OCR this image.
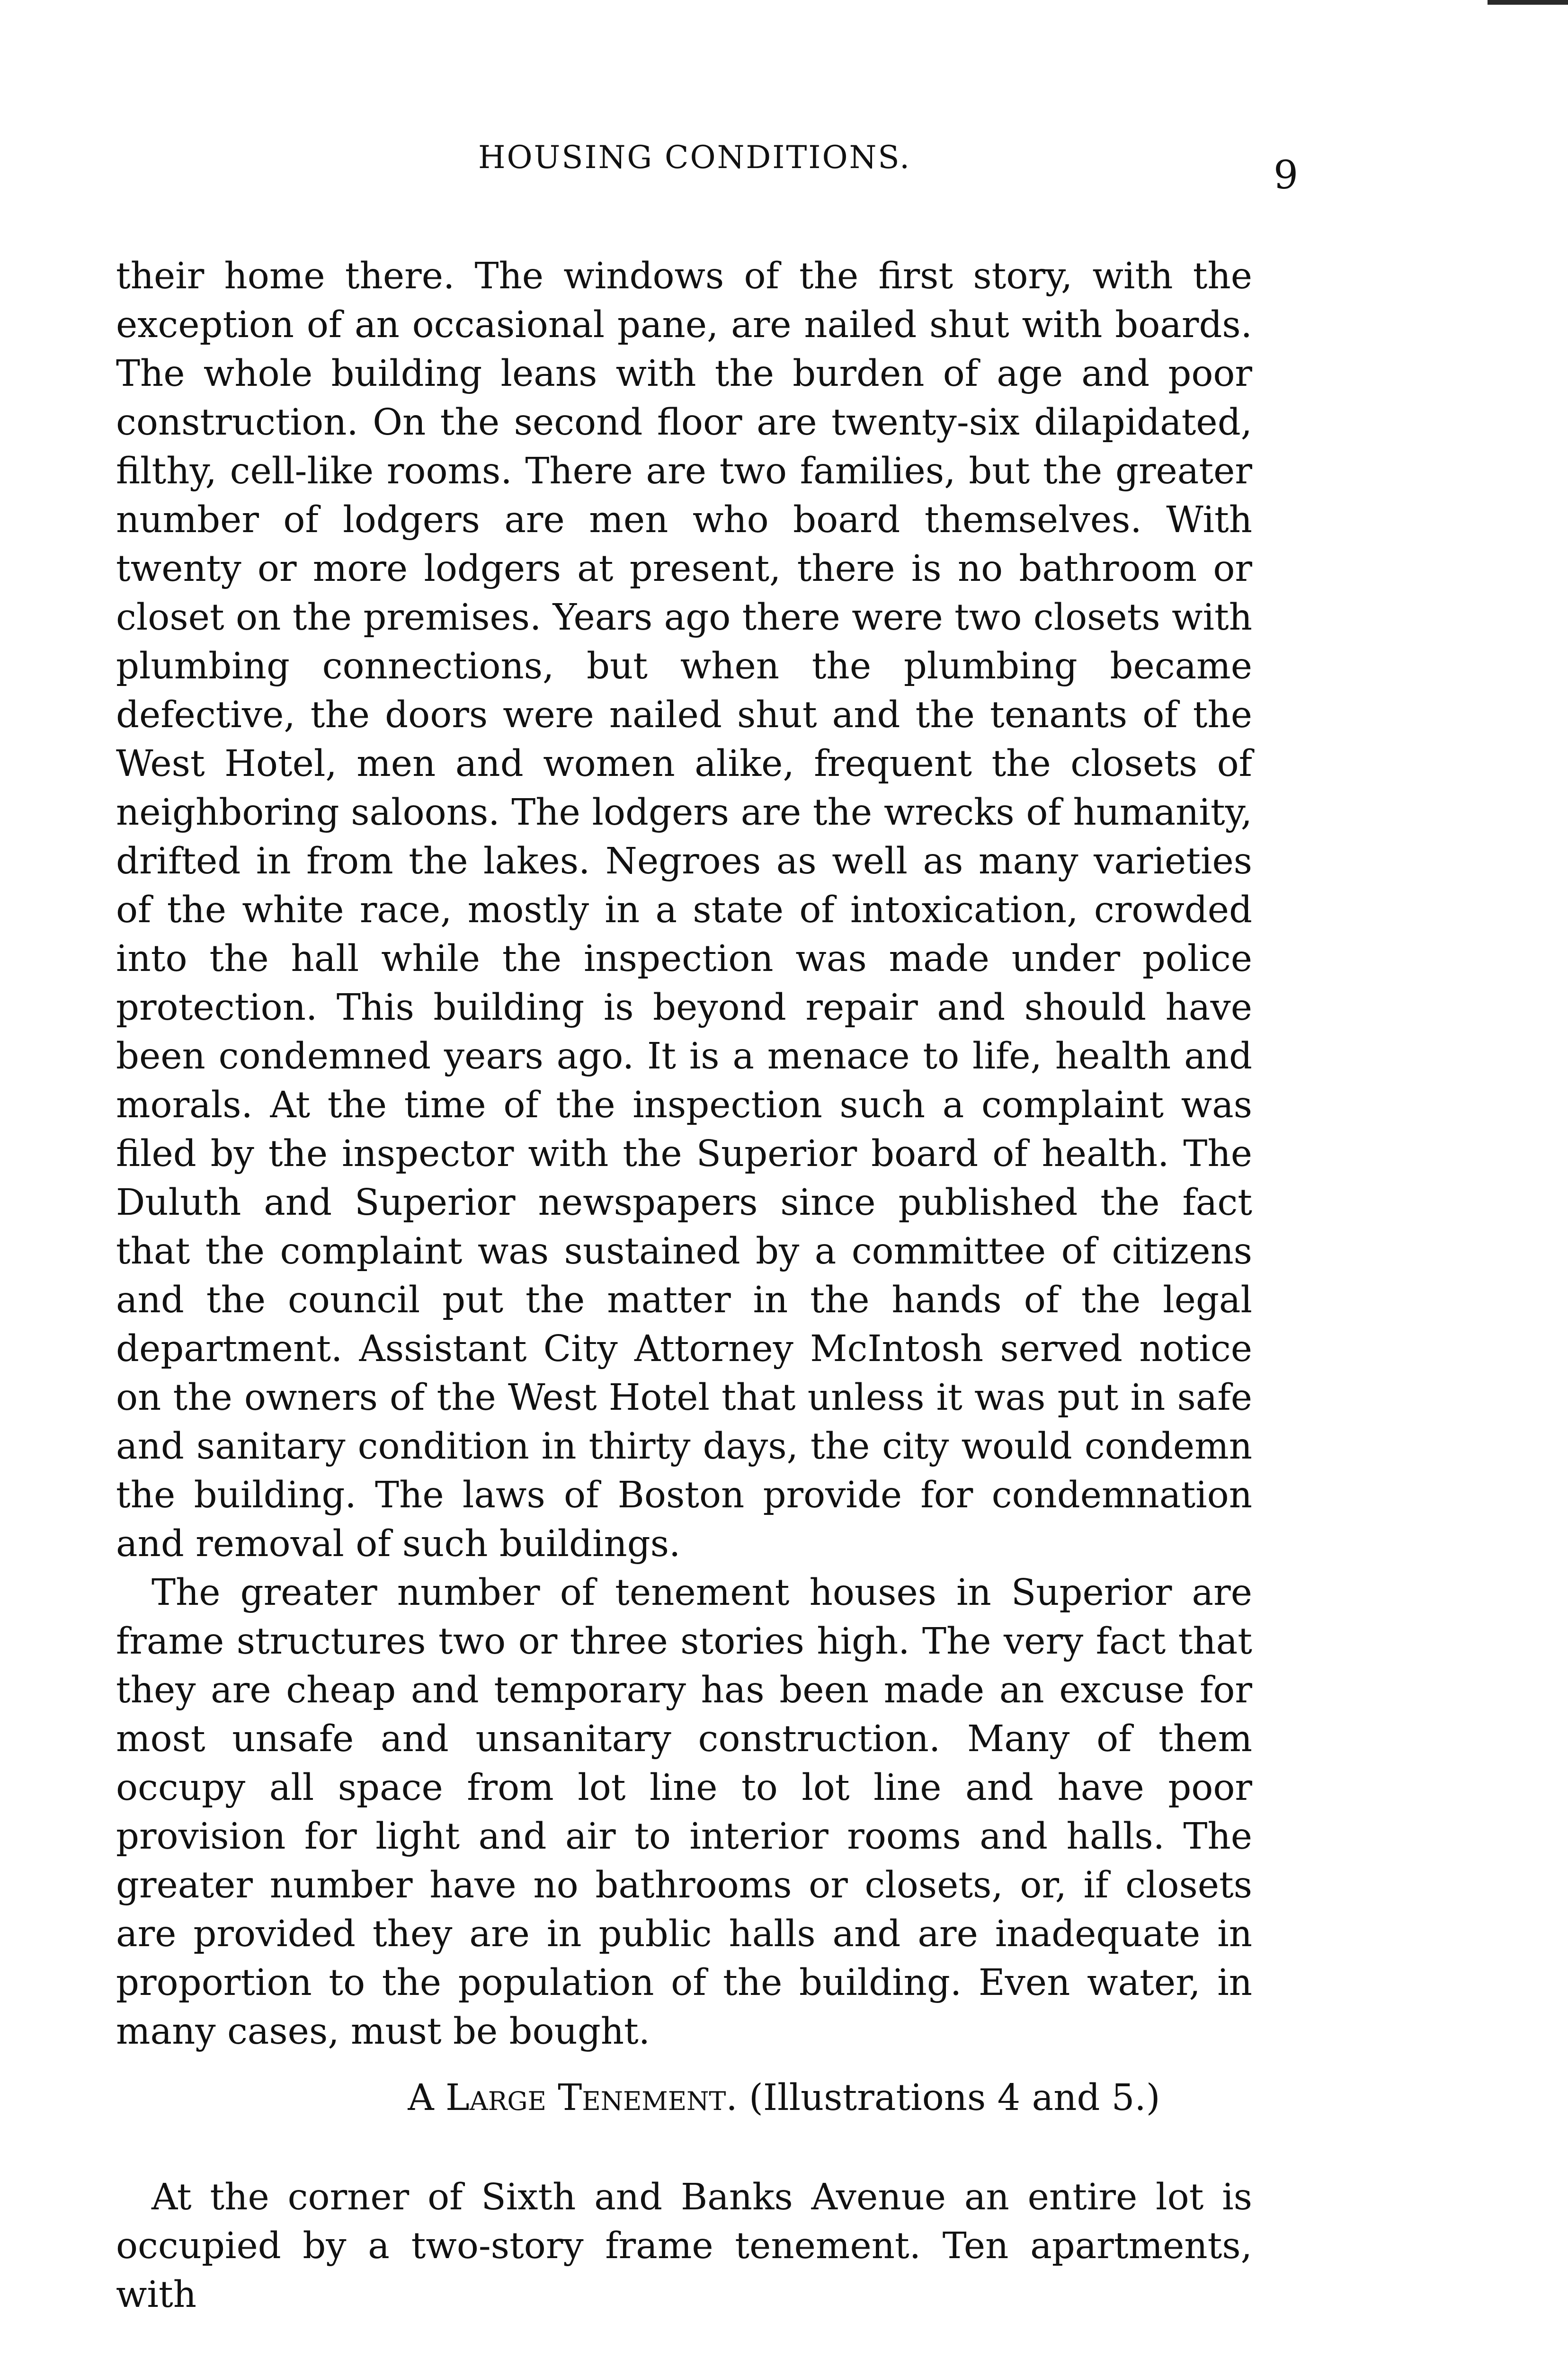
HOUSING CONDITIONS.	9

their home there. The windows of the first story, with the exception of an occasional pane, are nailed shut with boards. The whole building leans with the burden of age and poor construction. On the second floor are twenty-six dilapidated, filthy, cell-like rooms. There are two families, but the greater number of lodgers are men who board themselves. With twenty or more lodgers at present, there is no bathroom or closet on the premises. Years ago there were two closets with plumbing connections, but when the plumbing became defective, the doors were nailed shut and the tenants of the West Hotel, men and women alike, frequent the closets of neighboring saloons. The lodgers are the wrecks of humanity, drifted in from the lakes. Negroes as well as many varieties of the white race, mostly in a state of intoxication, crowded into the hall while the inspection was made under police protection. This building is beyond repair and should have been condemned years ago. It is a menace to life, health and morals. At the time of the inspection such a complaint was filed by the inspector with the Superior board of health. The Duluth and Superior newspapers since published the fact that the complaint was sustained by a committee of citizens and the council put the matter in the hands of the legal department. Assistant City Attorney McIntosh served notice on the owners of the West Hotel that unless it was put in safe and sanitary condition in thirty days, the city would condemn the building. The laws of Boston provide for condemnation and removal of such buildings.

The greater number of tenement houses in Superior are frame structures two or three stories high. The very fact that they are cheap and temporary has been made an excuse for most unsafe and unsanitary construction. Many of them occupy all space from lot line to lot line and have poor provision for light and air to interior rooms and halls. The greater number have no bathrooms or closets, or, if closets are provided they are in public halls and are inadequate in proportion to the population of the building. Even water, in many cases, must be bought.

A Large Tenement. (Illustrations 4 and 5.)

At the corner of Sixth and Banks Avenue an entire lot is occupied by a two-story frame tenement. Ten apartments, with
